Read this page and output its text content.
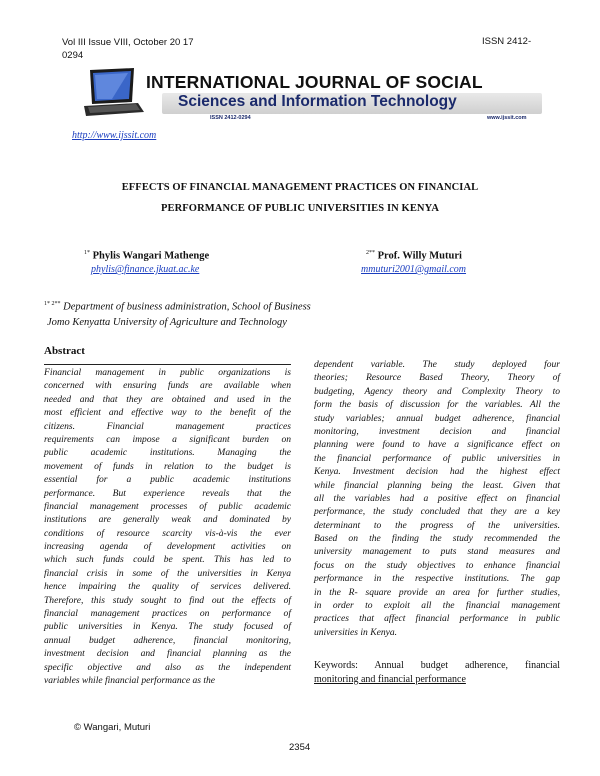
Vol III Issue VIII, October 20 17
0294
ISSN 2412-
INTERNATIONAL JOURNAL OF SOCIAL
Sciences and Information Technology
ISSN 2412-0294	www.ijssit.com
http://www.ijssit.com
EFFECTS OF FINANCIAL MANAGEMENT PRACTICES ON FINANCIAL
PERFORMANCE OF PUBLIC UNIVERSITIES IN KENYA
$^{1*}$ Phylis Wangari Mathenge
phylis@finance.jkuat.ac.ke
$^{2**}$ Prof. Willy Muturi
mmuturi2001@gmail.com
$^{1* 2**}$ Department of business administration, School of Business
Jomo Kenyatta University of Agriculture and Technology
Abstract
Financial management in public organizations is
concerned with ensuring funds are available when
needed and that they are obtained and used in the
most efficient and effective way to the benefit of the
citizens. Financial management practices
requirements can impose a significant burden on
public academic institutions. Managing the
movement of funds in relation to the budget is
essential for a public academic institutions
performance. But experience reveals that the
financial management processes of public academic
institutions are generally weak and dominated by
conditions of resource scarcity vis-à-vis the ever
increasing agenda of development activities on
which such funds could be spent. This has led to
financial crisis in some of the universities in Kenya
hence impairing the quality of services delivered.
Therefore, this study sought to find out the effects of
financial management practices on performance of
public universities in Kenya. The study focused of
annual budget adherence, financial monitoring,
investment decision and financial planning as the
specific objective and also as the independent
variables while financial performance as the
dependent variable. The study deployed four
theories; Resource Based Theory, Theory of
budgeting, Agency theory and Complexity Theory to
form the basis of discussion for the variables. All the
study variables; annual budget adherence, financial
monitoring, investment decision and financial
planning were found to have a significance effect on
the financial performance of public universities in
Kenya. Investment decision had the highest effect
while financial planning being the least. Given that
all the variables had a positive effect on financial
performance, the study concluded that they are a key
determinant to the progress of the universities.
Based on the finding the study recommended the
university management to puts stand measures and
focus on the study objectives to enhance financial
performance in the respective institutions. The gap
in the R- square provide an area for further studies,
in order to exploit all the financial management
practices that affect financial performance in public
universities in Kenya.
Keywords: Annual budget adherence, financial
monitoring and financial performance
© Wangari, Muturi
2354
